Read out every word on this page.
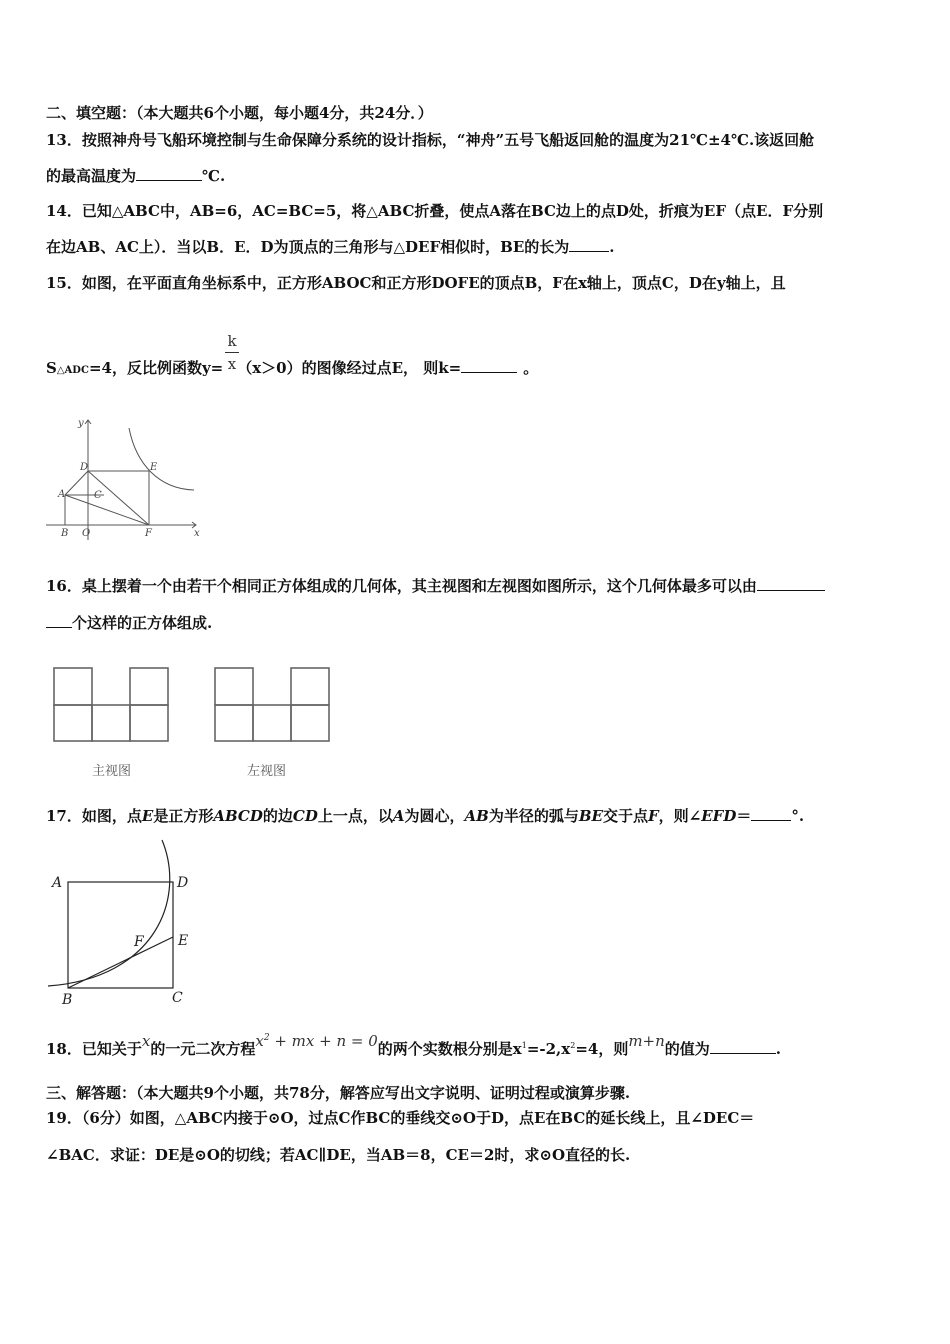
二、填空题：（本大题共6个小题，每小题4分，共24分．）
13．按照神舟号飞船环境控制与生命保障分系统的设计指标，“神舟”五号飞船返回舱的温度为21℃±4℃.该返回舱
的最高温度为	℃.
14．已知△ABC中，AB=6，AC=BC=5，将△ABC折叠，使点A落在BC边上的点D处，折痕为EF（点E．F分别
在边AB、AC上）．当以B．E．D为顶点的三角形与△DEF相似时，BE的长为	.
15．如图，在平面直角坐标系中，正方形ABOC和正方形DOFE的顶点B，F在x轴上，顶点C，D在y轴上，且
S△ADC=4，反比例函数y= （x＞0）的图像经过点E， 则k=	。
k
x
y
x
D	E
A	C
B O	F
16．桌上摆着一个由若干个相同正方体组成的几何体，其主视图和左视图如图所示，这个几何体最多可以由
个这样的正方体组成.
主视图	左视图
17．如图，点E是正方形ABCD的边CD上一点，以A为圆心，AB为半径的弧与BE交于点F，则∠EFD＝	°.
A	D
F E
B	C
18．已知关于x的一元二次方程$x^2$ + mx + n = 0的两个实数根分别是$x^1=-2,x^2=4$，则m+n的值为	.
三、解答题：（本大题共9个小题，共78分，解答应写出文字说明、证明过程或演算步骤.
19．（6分）如图，△ABC内接于⊙O，过点C作BC的垂线交⊙O于D，点E在BC的延长线上，且∠DEC＝
∠BAC．求证：DE是⊙O的切线；若AC∥DE，当AB＝8，CE＝2时，求⊙O直径的长.
